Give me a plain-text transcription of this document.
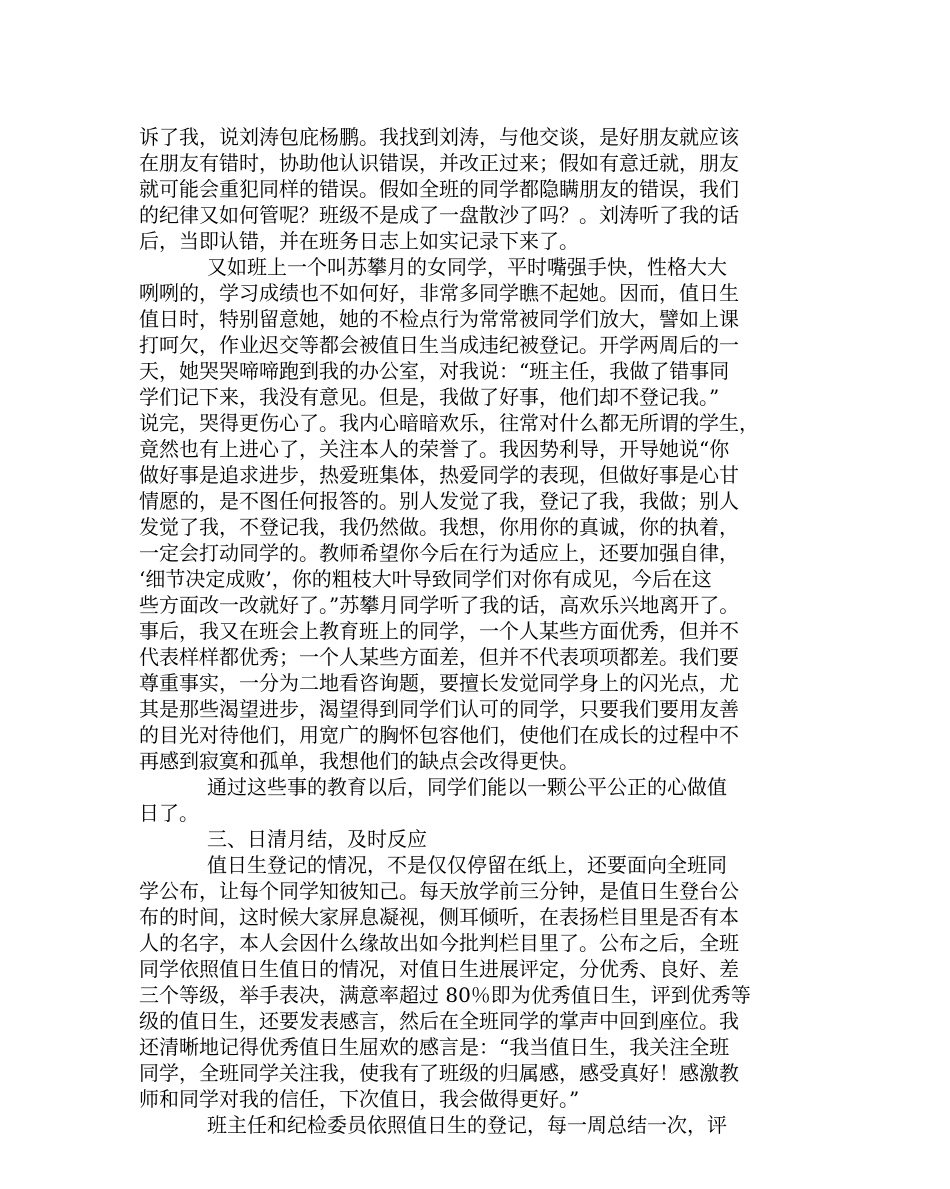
诉了我，说刘涛包庇杨鹏。我找到刘涛，与他交谈，是好朋友就应该
在朋友有错时，协助他认识错误，并改正过来；假如有意迁就，朋友
就可能会重犯同样的错误。假如全班的同学都隐瞒朋友的错误，我们
的纪律又如何管呢？班级不是成了一盘散沙了吗？。刘涛听了我的话
后，当即认错，并在班务日志上如实记录下来了。
又如班上一个叫苏攀月的女同学，平时嘴强手快，性格大大
咧咧的，学习成绩也不如何好，非常多同学瞧不起她。因而，值日生
值日时，特别留意她，她的不检点行为常常被同学们放大，譬如上课
打呵欠，作业迟交等都会被值日生当成违纪被登记。开学两周后的一
天，她哭哭啼啼跑到我的办公室，对我说：“班主任，我做了错事同
学们记下来，我没有意见。但是，我做了好事，他们却不登记我。”
说完，哭得更伤心了。我内心暗暗欢乐，往常对什么都无所谓的学生，
竟然也有上进心了，关注本人的荣誉了。我因势利导，开导她说“你
做好事是追求进步，热爱班集体，热爱同学的表现，但做好事是心甘
情愿的，是不图任何报答的。别人发觉了我，登记了我，我做；别人
发觉了我，不登记我，我仍然做。我想，你用你的真诚，你的执着，
一定会打动同学的。教师希望你今后在行为适应上，还要加强自律，
‘细节决定成败’，你的粗枝大叶导致同学们对你有成见，今后在这
些方面改一改就好了。”苏攀月同学听了我的话，高欢乐兴地离开了。
事后，我又在班会上教育班上的同学，一个人某些方面优秀，但并不
代表样样都优秀；一个人某些方面差，但并不代表项项都差。我们要
尊重事实，一分为二地看咨询题，要擅长发觉同学身上的闪光点，尤
其是那些渴望进步，渴望得到同学们认可的同学，只要我们要用友善
的目光对待他们，用宽广的胸怀包容他们，使他们在成长的过程中不
再感到寂寞和孤单，我想他们的缺点会改得更快。
通过这些事的教育以后，同学们能以一颗公平公正的心做值
日了。
三、日清月结，及时反应
值日生登记的情况，不是仅仅停留在纸上，还要面向全班同
学公布，让每个同学知彼知己。每天放学前三分钟，是值日生登台公
布的时间，这时候大家屏息凝视，侧耳倾听，在表扬栏目里是否有本
人的名字，本人会因什么缘故出如今批判栏目里了。公布之后，全班
同学依照值日生值日的情况，对值日生进展评定，分优秀、良好、差
三个等级，举手表决，满意率超过 80％即为优秀值日生，评到优秀等
级的值日生，还要发表感言，然后在全班同学的掌声中回到座位。我
还清晰地记得优秀值日生屈欢的感言是：“我当值日生，我关注全班
同学，全班同学关注我，使我有了班级的归属感，感受真好！感激教
师和同学对我的信任，下次值日，我会做得更好。”
班主任和纪检委员依照值日生的登记，每一周总结一次，评
